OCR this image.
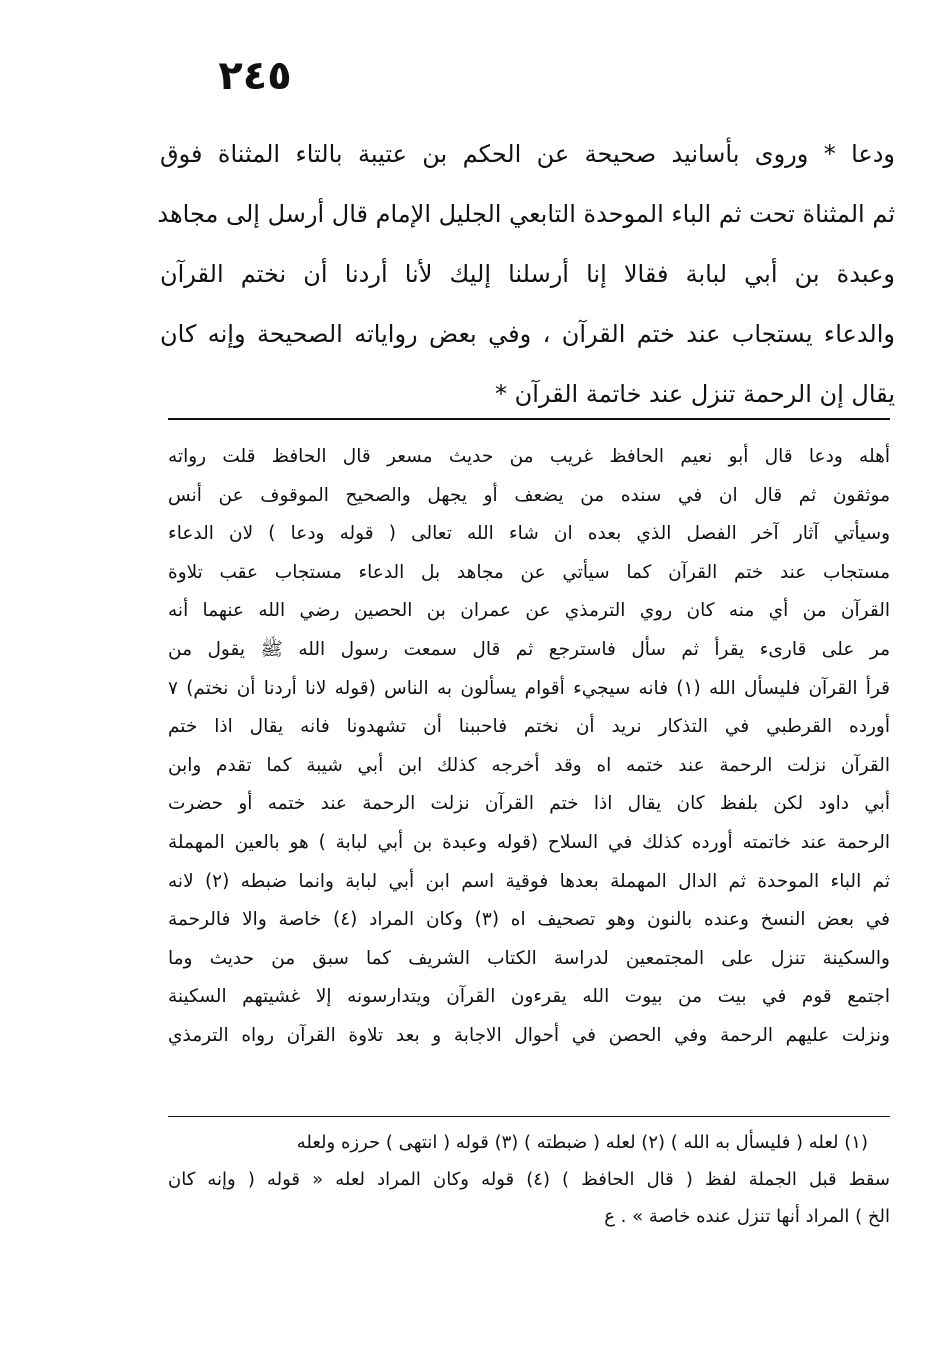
٢٤٥
ودعا * وروى بأسانيد صحيحة عن الحكم بن عتيبة بالتاء المثناة فوق
ثم المثناة تحت ثم الباء الموحدة التابعي الجليل الإمام قال أرسل إلى مجاهد
وعبدة بن أبي لبابة فقالا إنا أرسلنا إليك لأنا أردنا أن نختم القرآن
والدعاء يستجاب عند ختم القرآن ، وفي بعض رواياته الصحيحة وإنه كان
يقال إن الرحمة تنزل عند خاتمة القرآن *
أهله ودعا قال أبو نعيم الحافظ غريب من حديث مسعر قال الحافظ قلت رواته
موثقون ثم قال ان في سنده من يضعف أو يجهل والصحيح الموقوف عن أنس
وسيأتي آثار آخر الفصل الذي بعده ان شاء الله تعالى ( قوله ودعا ) لان الدعاء
مستجاب عند ختم القرآن كما سيأتي عن مجاهد بل الدعاء مستجاب عقب تلاوة
القرآن من أي منه كان روي الترمذي عن عمران بن الحصين رضي الله عنهما أنه
مر على قارىء يقرأ ثم سأل فاسترجع ثم قال سمعت رسول الله ﷺ يقول من
قرأ القرآن فليسأل الله (١) فانه سيجيء أقوام يسألون به الناس (قوله لانا أردنا أن نختم) ٧
أورده القرطبي في التذكار نريد أن نختم فاحببنا أن تشهدونا فانه يقال اذا ختم
القرآن نزلت الرحمة عند ختمه اه وقد أخرجه كذلك ابن أبي شيبة كما تقدم وابن
أبي داود لكن بلفظ كان يقال اذا ختم القرآن نزلت الرحمة عند ختمه أو حضرت
الرحمة عند خاتمته أورده كذلك في السلاح (قوله وعبدة بن أبي لبابة ) هو بالعين المهملة
ثم الباء الموحدة ثم الدال المهملة بعدها فوقية اسم ابن أبي لبابة وانما ضبطه (٢) لانه
في بعض النسخ وعنده بالنون وهو تصحيف اه (٣) وكان المراد (٤) خاصة والا فالرحمة
والسكينة تنزل على المجتمعين لدراسة الكتاب الشريف كما سبق من حديث وما
اجتمع قوم في بيت من بيوت الله يقرءون القرآن ويتدارسونه إلا غشيتهم السكينة
ونزلت عليهم الرحمة وفي الحصن في أحوال الاجابة و بعد تلاوة القرآن رواه الترمذي
(١) لعله ( فليسأل به الله ) (٢) لعله ( ضبطته ) (٣) قوله ( انتهى ) حرزه ولعله
سقط قبل الجملة لفظ ( قال الحافظ ) (٤) قوله وكان المراد لعله « قوله ( وإنه كان
الخ ) المراد أنها تنزل عنده خاصة » . ع
